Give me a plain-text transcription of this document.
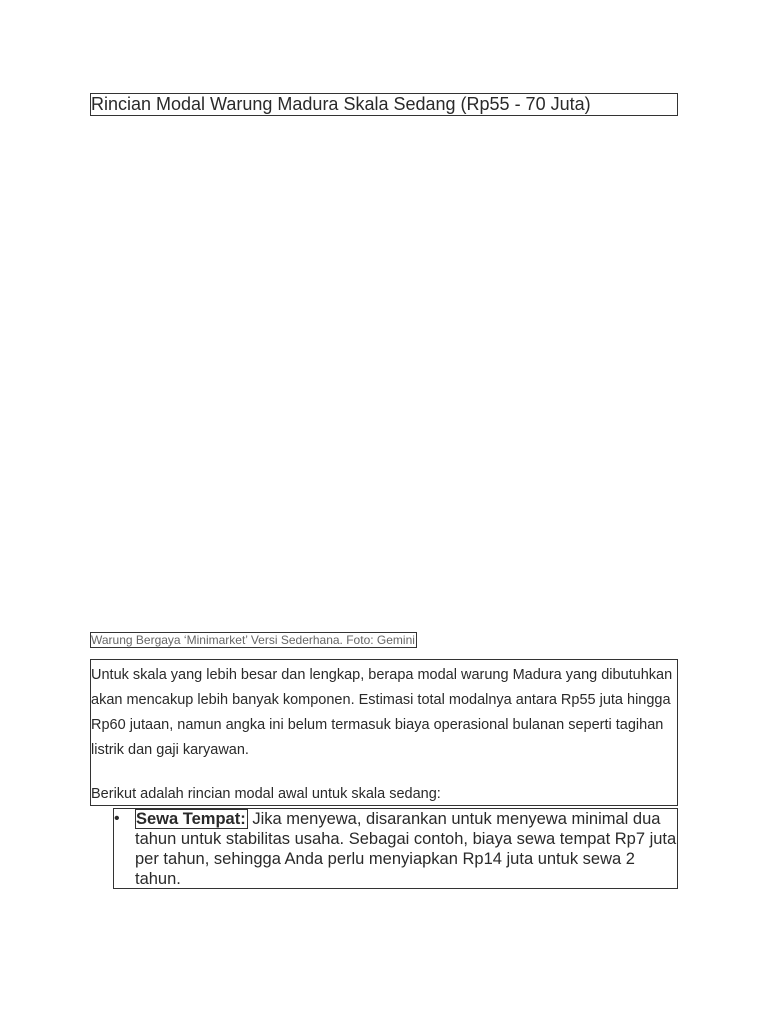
Rincian Modal Warung Madura Skala Sedang (Rp55 - 70 Juta)
Warung Bergaya ‘Minimarket’ Versi Sederhana. Foto: Gemini

Untuk skala yang lebih besar dan lengkap, berapa modal warung Madura yang dibutuhkan akan mencakup lebih banyak komponen. Estimasi total modalnya antara Rp55 juta hingga Rp60 jutaan, namun angka ini belum termasuk biaya operasional bulanan seperti tagihan listrik dan gaji karyawan.

Berikut adalah rincian modal awal untuk skala sedang:

• Sewa Tempat: Jika menyewa, disarankan untuk menyewa minimal dua tahun untuk stabilitas usaha. Sebagai contoh, biaya sewa tempat Rp7 juta per tahun, sehingga Anda perlu menyiapkan Rp14 juta untuk sewa 2 tahun.
